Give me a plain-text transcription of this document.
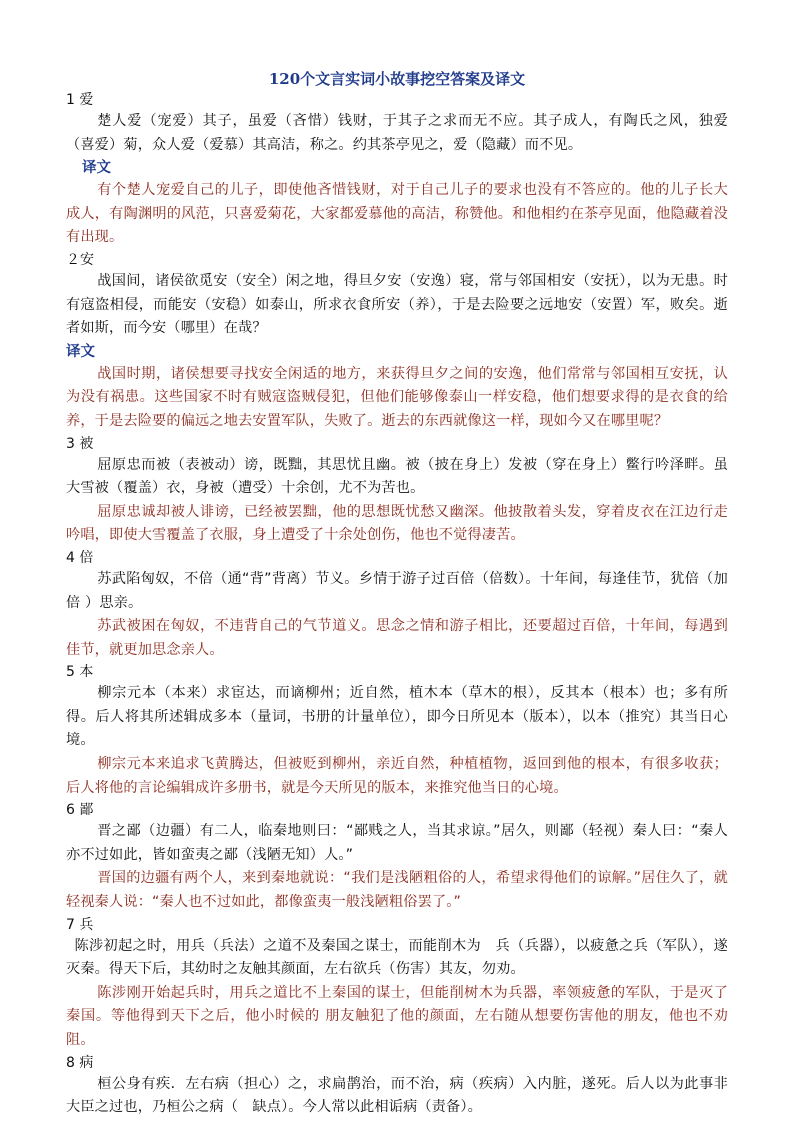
120个文言实词小故事挖空答案及译文
1 爱

楚人爱（宠爱）其子，虽爱（吝惜）钱财，于其子之求而无不应。其子成人，有陶氏之风，独爱（喜爱）菊，众人爱（爱慕）其高洁，称之。约其茶亭见之，爱（隐藏）而不见。

译文

有个楚人宠爱自己的儿子，即使他吝惜钱财，对于自己儿子的要求也没有不答应的。他的儿子长大成人，有陶渊明的风范，只喜爱菊花，大家都爱慕他的高洁，称赞他。和他相约在茶亭见面，他隐藏着没有出现。

２安

战国间，诸侯欲觅安（安全）闲之地，得旦夕安（安逸）寝，常与邻国相安（安抚），以为无患。时有寇盗相侵，而能安（安稳）如泰山，所求衣食所安（养），于是去险要之远地安（安置）军，败矣。逝者如斯，而今安（哪里）在哉？

译文

战国时期，诸侯想要寻找安全闲适的地方，来获得旦夕之间的安逸，他们常常与邻国相互安抚，认为没有祸患。这些国家不时有贼寇盗贼侵犯，但他们能够像泰山一样安稳，他们想要求得的是衣食的给养，于是去险要的偏远之地去安置军队，失败了。逝去的东西就像这一样，现如今又在哪里呢？

3 被

屈原忠而被（表被动）谤，既黜，其思忧且幽。被（披在身上）发被（穿在身上）鳖行吟泽畔。虽大雪被（覆盖）衣，身被（遭受）十余创，尤不为苦也。

屈原忠诚却被人诽谤，已经被罢黜，他的思想既忧愁又幽深。他披散着头发，穿着皮衣在江边行走吟唱，即使大雪覆盖了衣服，身上遭受了十余处创伤，他也不觉得凄苦。

4 倍

苏武陷匈奴，不倍（通“背”背离）节义。乡情于游子过百倍（倍数）。十年间，每逢佳节，犹倍（加倍 ）思亲。

苏武被困在匈奴，不违背自己的气节道义。思念之情和游子相比，还要超过百倍，十年间，每遇到佳节，就更加思念亲人。

5 本

柳宗元本（本来）求宦达，而谪柳州；近自然，植木本（草木的根），反其本（根本）也；多有所得。后人将其所述辑成多本（量词，书册的计量单位），即今日所见本（版本），以本（推究）其当日心境。

柳宗元本来追求飞黄腾达，但被贬到柳州，亲近自然，种植植物，返回到他的根本，有很多收获；后人将他的言论编辑成许多册书，就是今天所见的版本，来推究他当日的心境。

6 鄙

晋之鄙（边疆）有二人，临秦地则曰：“鄙贱之人，当其求谅。”居久，则鄙（轻视）秦人曰：“秦人亦不过如此，皆如蛮夷之鄙（浅陋无知）人。”

晋国的边疆有两个人，来到秦地就说：“我们是浅陋粗俗的人，希望求得他们的谅解。”居住久了，就轻视秦人说：“秦人也不过如此，都像蛮夷一般浅陋粗俗罢了。”

7 兵

陈涉初起之时，用兵（兵法）之道不及秦国之谋士，而能削木为　兵（兵器），以疲惫之兵（军队），遂灭秦。得天下后，其幼时之友触其颜面，左右欲兵（伤害）其友，勿劝。

陈涉刚开始起兵时，用兵之道比不上秦国的谋士，但能削树木为兵器，率领疲惫的军队，于是灭了秦国。等他得到天下之后，他小时候的 朋友触犯了他的颜面，左右随从想要伤害他的朋友，他也不劝阻。

8 病

桓公身有疾．左右病（担心）之，求扁鹊治，而不治，病（疾病）入内脏，遂死。后人以为此事非大臣之过也，乃桓公之病（　缺点）。今人常以此相诟病（责备）。
